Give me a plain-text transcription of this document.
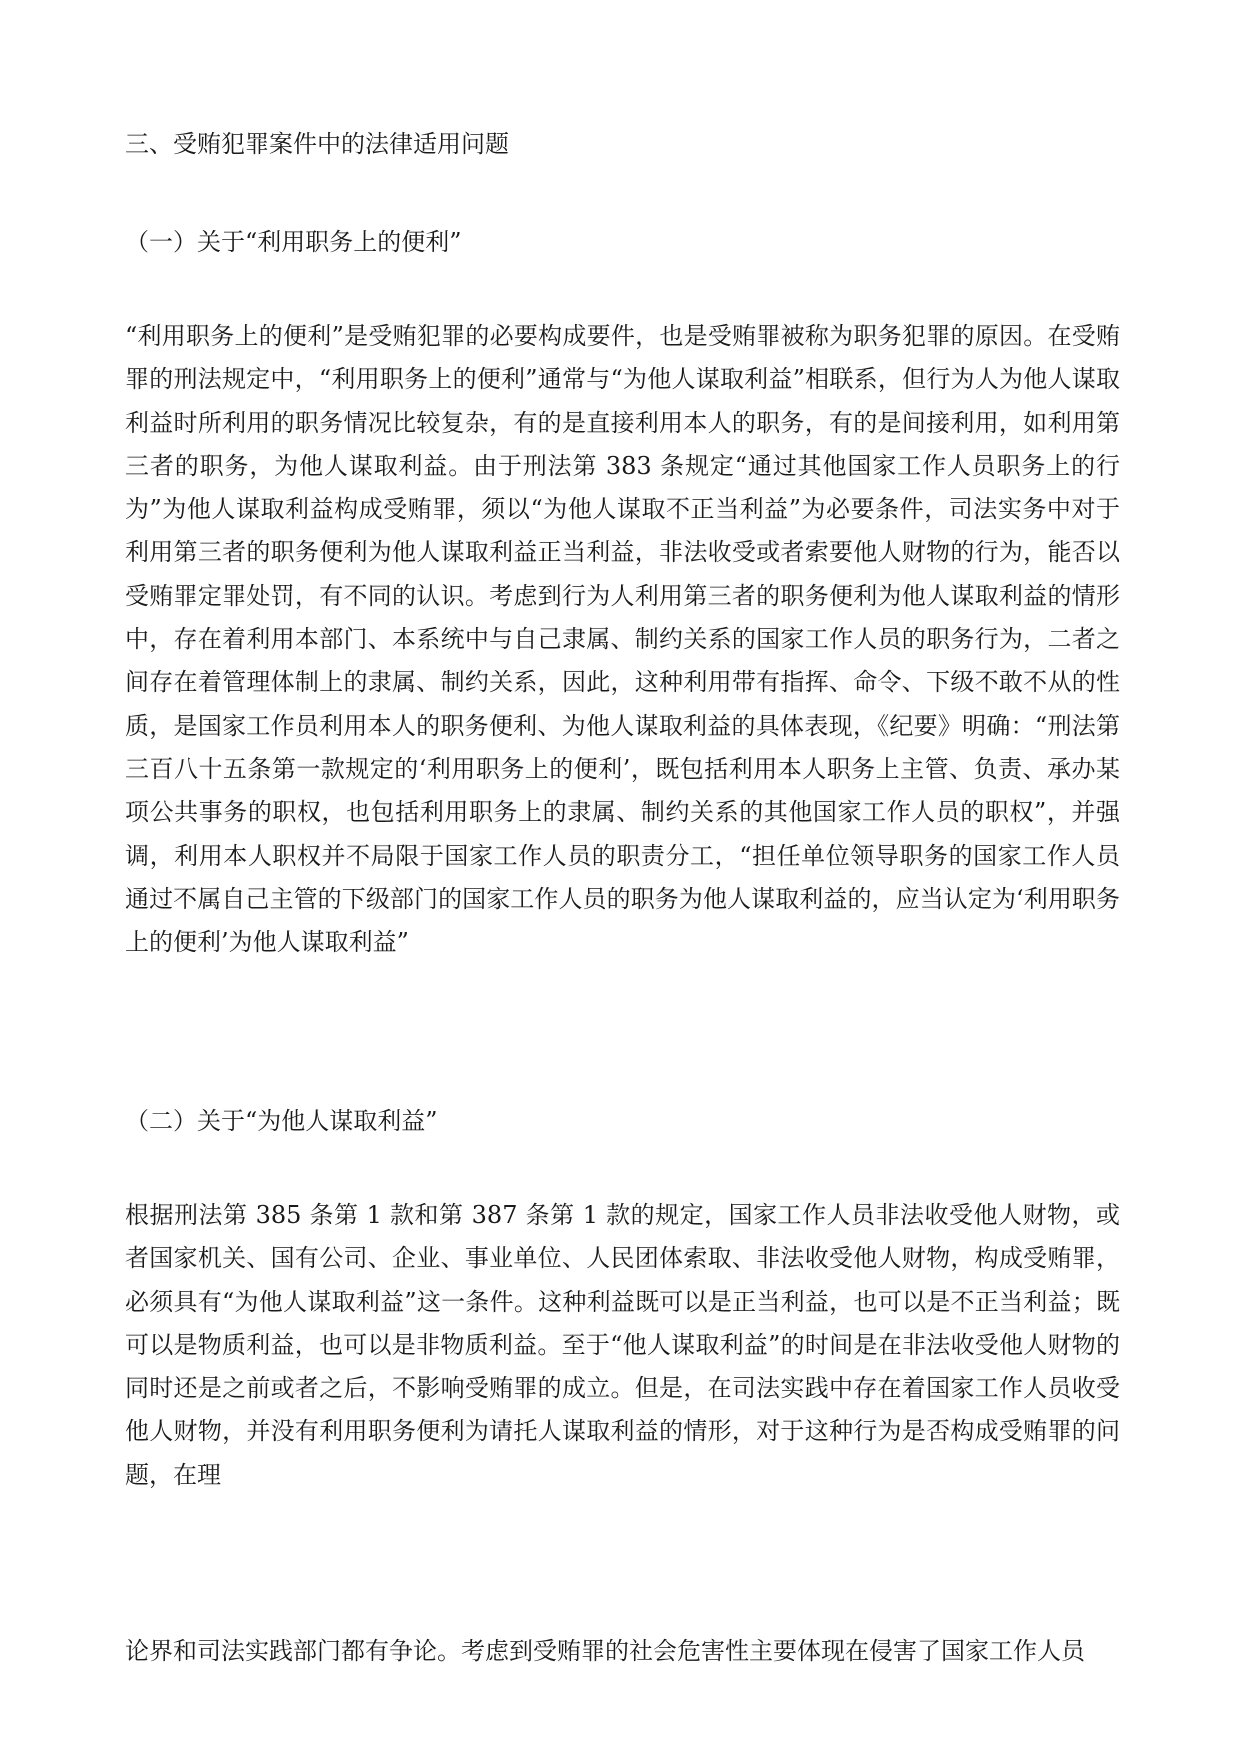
三、受贿犯罪案件中的法律适用问题

（一）关于“利用职务上的便利”

“利用职务上的便利”是受贿犯罪的必要构成要件，也是受贿罪被称为职务犯罪的原因。在受贿罪的刑法规定中，“利用职务上的便利”通常与“为他人谋取利益”相联系，但行为人为他人谋取利益时所利用的职务情况比较复杂，有的是直接利用本人的职务，有的是间接利用，如利用第三者的职务，为他人谋取利益。由于刑法第 383 条规定“通过其他国家工作人员职务上的行为”为他人谋取利益构成受贿罪，须以“为他人谋取不正当利益”为必要条件，司法实务中对于利用第三者的职务便利为他人谋取利益正当利益，非法收受或者索要他人财物的行为，能否以受贿罪定罪处罚，有不同的认识。考虑到行为人利用第三者的职务便利为他人谋取利益的情形中，存在着利用本部门、本系统中与自己隶属、制约关系的国家工作人员的职务行为，二者之间存在着管理体制上的隶属、制约关系，因此，这种利用带有指挥、命令、下级不敢不从的性质，是国家工作员利用本人的职务便利、为他人谋取利益的具体表现，《纪要》明确：“刑法第三百八十五条第一款规定的‘利用职务上的便利’，既包括利用本人职务上主管、负责、承办某项公共事务的职权，也包括利用职务上的隶属、制约关系的其他国家工作人员的职权”，并强调，利用本人职权并不局限于国家工作人员的职责分工，“担任单位领导职务的国家工作人员通过不属自己主管的下级部门的国家工作人员的职务为他人谋取利益的，应当认定为‘利用职务上的便利’为他人谋取利益”

（二）关于“为他人谋取利益”

根据刑法第 385 条第 1 款和第 387 条第 1 款的规定，国家工作人员非法收受他人财物，或者国家机关、国有公司、企业、事业单位、人民团体索取、非法收受他人财物，构成受贿罪，必须具有“为他人谋取利益”这一条件。这种利益既可以是正当利益，也可以是不正当利益；既可以是物质利益，也可以是非物质利益。至于“他人谋取利益”的时间是在非法收受他人财物的同时还是之前或者之后，不影响受贿罪的成立。但是，在司法实践中存在着国家工作人员收受他人财物，并没有利用职务便利为请托人谋取利益的情形，对于这种行为是否构成受贿罪的问题，在理

论界和司法实践部门都有争论。考虑到受贿罪的社会危害性主要体现在侵害了国家工作人员
